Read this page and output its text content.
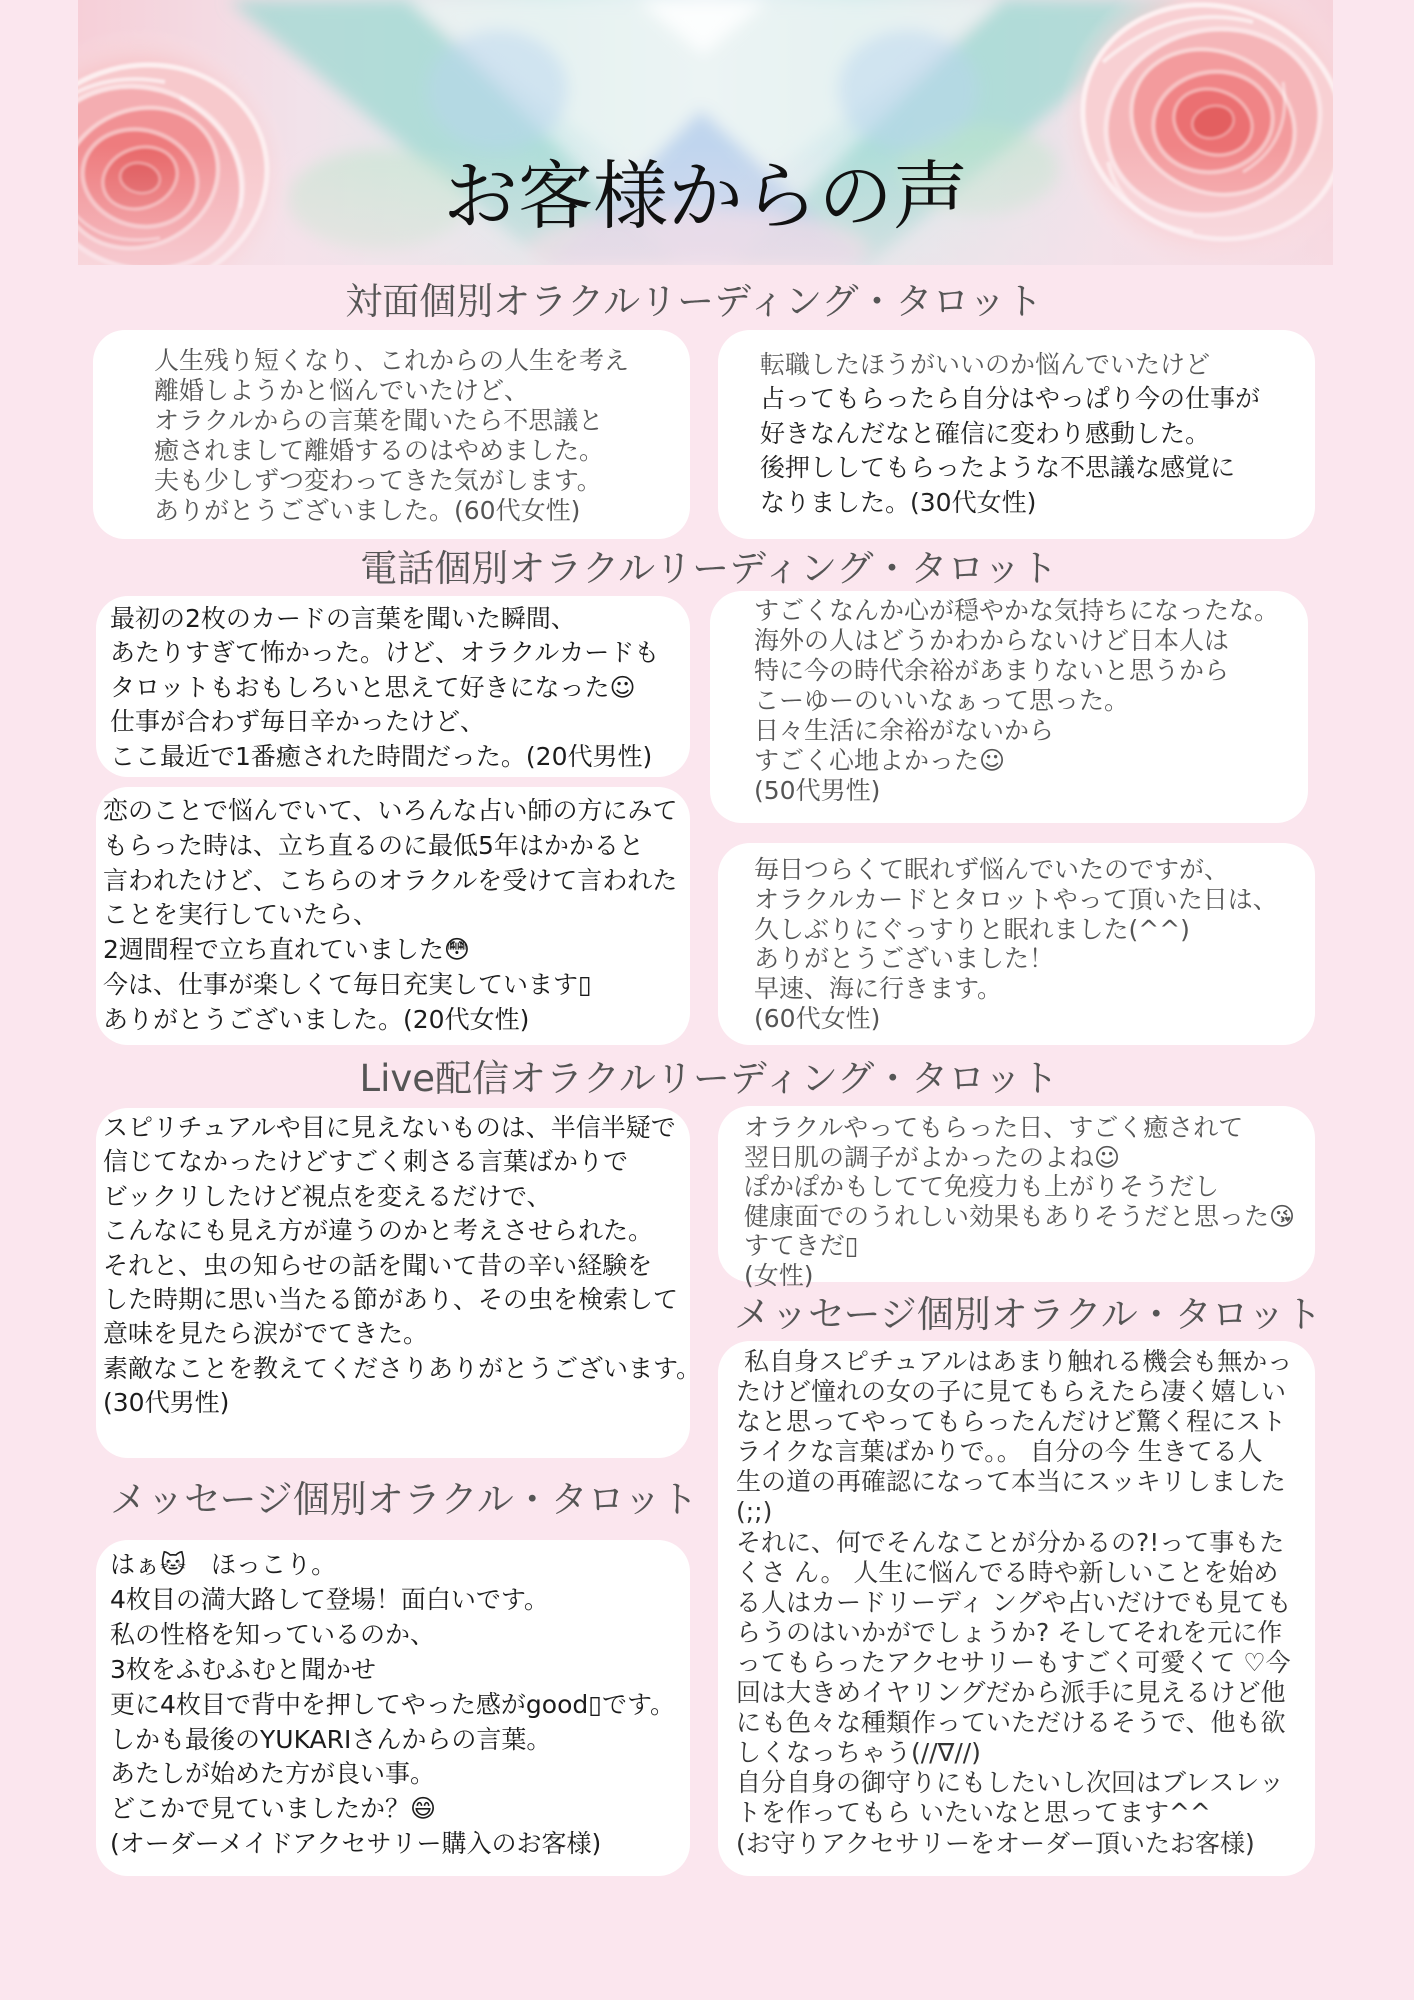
お客様からの声
対面個別オラクルリーディング・タロット
電話個別オラクルリーディング・タロット
Live配信オラクルリーディング・タロット
メッセージ個別オラクル・タロット
メッセージ個別オラクル・タロット
人生残り短くなり、これからの人生を考え
離婚しようかと悩んでいたけど、
オラクルからの言葉を聞いたら不思議と
癒されまして離婚するのはやめました。
夫も少しずつ変わってきた気がします。
ありがとうございました。(60代女性)
転職したほうがいいのか悩んでいたけど
占ってもらったら自分はやっぱり今の仕事が
好きなんだなと確信に変わり感動した。
後押ししてもらったような不思議な感覚に
なりました。(30代女性)
最初の2枚のカードの言葉を聞いた瞬間、
あたりすぎて怖かった。けど、オラクルカードも
タロットもおもしろいと思えて好きになった☺
仕事が合わず毎日辛かったけど、
ここ最近で1番癒された時間だった。(20代男性)
すごくなんか心が穏やかな気持ちになったな。
海外の人はどうかわからないけど日本人は
特に今の時代余裕があまりないと思うから
こーゆーのいいなぁって思った。
日々生活に余裕がないから
すごく心地よかった☺
(50代男性)
恋のことで悩んでいて、いろんな占い師の方にみて
もらった時は、立ち直るのに最低5年はかかると
言われたけど、こちらのオラクルを受けて言われた
ことを実行していたら、
2週間程で立ち直れていました😳
今は、仕事が楽しくて毎日充実しています▯
ありがとうございました。(20代女性)
毎日つらくて眠れず悩んでいたのですが、
オラクルカードとタロットやって頂いた日は、
久しぶりにぐっすりと眠れました(^^)
ありがとうございました！
早速、海に行きます。
(60代女性)
スピリチュアルや目に見えないものは、半信半疑で
信じてなかったけどすごく刺さる言葉ばかりで
ビックリしたけど視点を変えるだけで、
こんなにも見え方が違うのかと考えさせられた。
それと、虫の知らせの話を聞いて昔の辛い経験を
した時期に思い当たる節があり、その虫を検索して
意味を見たら涙がでてきた。
素敵なことを教えてくださりありがとうございます。
(30代男性)
オラクルやってもらった日、すごく癒されて
翌日肌の調子がよかったのよね☺
ぽかぽかもしてて免疫力も上がりそうだし
健康面でのうれしい効果もありそうだと思った😘
すてきだ▯
(女性)
私自身スピチュアルはあまり触れる機会も無かっ
たけど憧れの女の子に見てもらえたら凄く嬉しい
なと思ってやってもらったんだけど驚く程にスト
ライクな言葉ばかりで。。 自分の今 生きてる人
生の道の再確認になって本当にスッキリしました
(;;)
それに、何でそんなことが分かるの?!って事もた
くさ ん。 人生に悩んでる時や新しいことを始め
る人はカードリーディ ングや占いだけでも見ても
らうのはいかがでしょうか? そしてそれを元に作
ってもらったアクセサリーもすごく可愛くて ♡今
回は大きめイヤリングだから派手に見えるけど他
にも色々な種類作っていただけるそうで、他も欲
しくなっちゃう(//∇//)
自分自身の御守りにもしたいし次回はブレスレッ
トを作ってもら いたいなと思ってます^^
(お守りアクセサリーをオーダー頂いたお客様)
はぁ🐱　ほっこり。
4枚目の満大路して登場！面白いです。
私の性格を知っているのか、
3枚をふむふむと聞かせ
更に4枚目で背中を押してやった感がgood▯です。
しかも最後のYUKARIさんからの言葉。
あたしが始めた方が良い事。
どこかで見ていましたか？😄
(オーダーメイドアクセサリー購入のお客様)
